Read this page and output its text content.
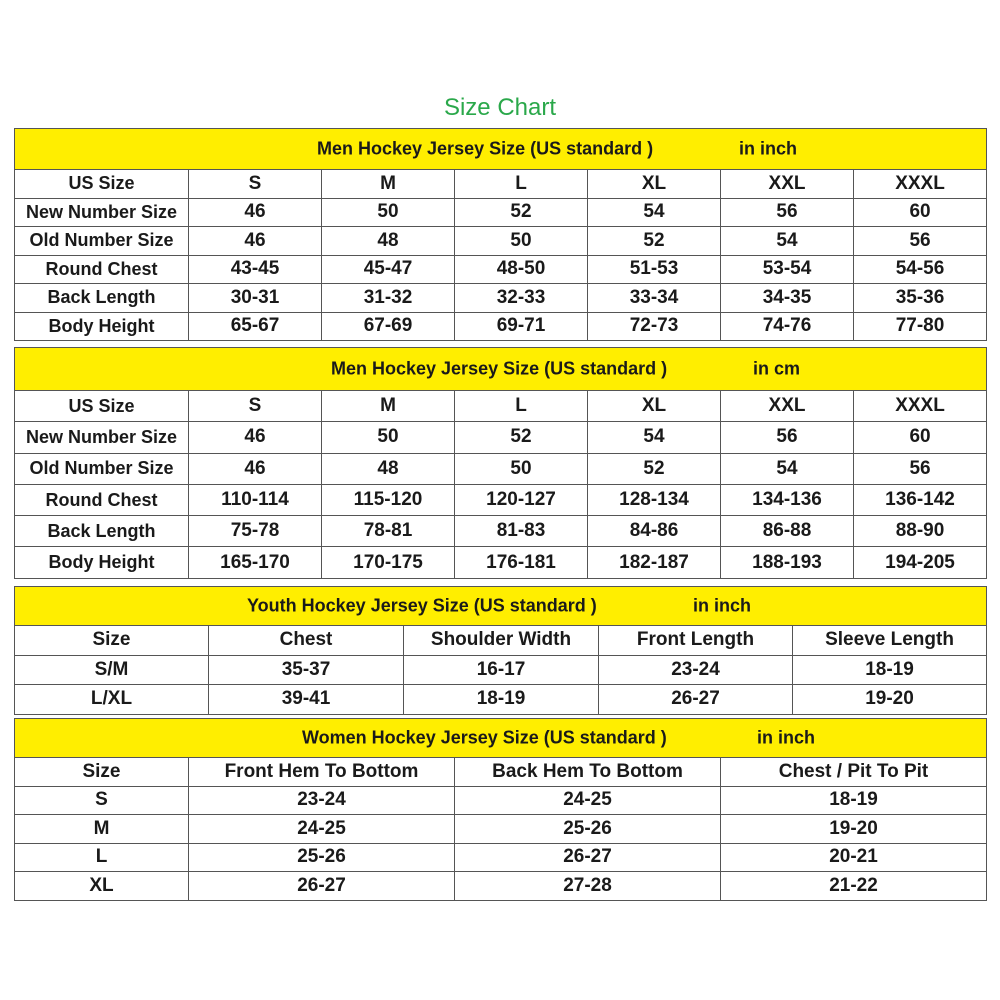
Size Chart
Men Hockey Jersey Size (US standard ) in inch						

US Size	S	M	L	XL	XXL	XXXL
New Number Size	46	50	52	54	56	60
Old Number Size	46	48	50	52	54	56
Round Chest	43-45	45-47	48-50	51-53	53-54	54-56
Back Length	30-31	31-32	32-33	33-34	34-35	35-36
Body Height	65-67	67-69	69-71	72-73	74-76	77-80
Men Hockey Jersey Size (US standard ) in cm						

US Size	S	M	L	XL	XXL	XXXL
New Number Size	46	50	52	54	56	60
Old Number Size	46	48	50	52	54	56
Round Chest	110-114	115-120	120-127	128-134	134-136	136-142
Back Length	75-78	78-81	81-83	84-86	86-88	88-90
Body Height	165-170	170-175	176-181	182-187	188-193	194-205
Youth Hockey Jersey Size (US standard ) in inch				

Size	Chest	Shoulder Width	Front Length	Sleeve Length
S/M	35-37	16-17	23-24	18-19
L/XL	39-41	18-19	26-27	19-20
Women Hockey Jersey Size (US standard ) in inch			

Size	Front Hem To Bottom	Back Hem To Bottom	Chest / Pit To Pit
S	23-24	24-25	18-19
M	24-25	25-26	19-20
L	25-26	26-27	20-21
XL	26-27	27-28	21-22
